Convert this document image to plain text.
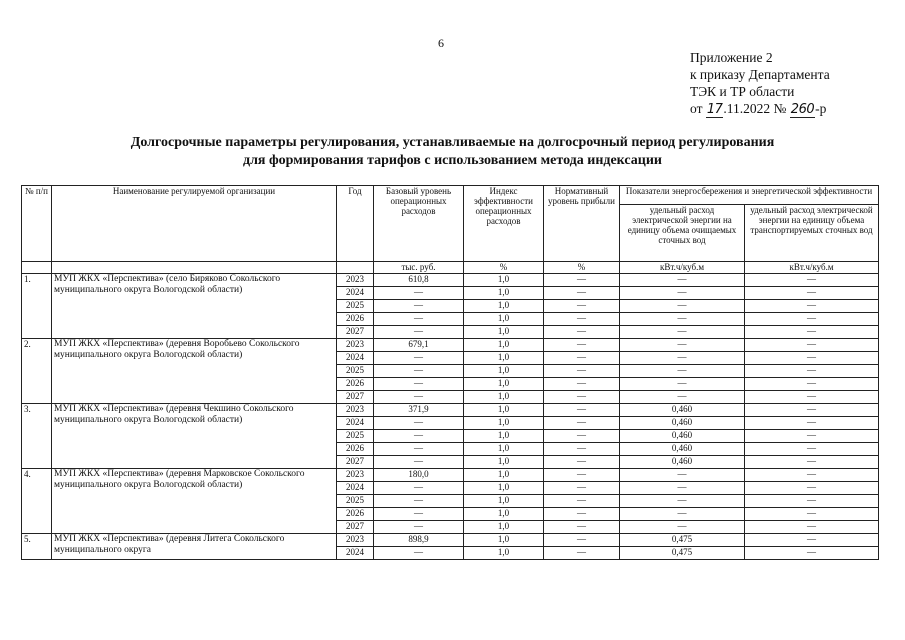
6
Приложение 2
к приказу Департамента
ТЭК и ТР области
от 17.11.2022 № 260-р
Долгосрочные параметры регулирования, устанавливаемые на долгосрочный период регулирования
для формирования тарифов с использованием метода индексации
№ п/п	Наименование регулируемой организации	Год	Базовый уровень операционных расходов	Индекс эффективности операционных расходов	Нормативный уровень прибыли	Показатели энергосбережения и энергетической эффективности	
						удельный расход электрической энергии на единицу объема очищаемых сточных вод	удельный расход электрической энергии на единицу объема транспортируемых сточных вод
			тыс. руб.	%	%	кВт.ч/куб.м	кВт.ч/куб.м
1.	МУП ЖКХ «Перспектива» (село Биряково Сокольского муниципального округа Вологодской области)	2023	610,8	1,0	—	—	—
		2024	—	1,0	—	—	—
		2025	—	1,0	—	—	—
		2026	—	1,0	—	—	—
		2027	—	1,0	—	—	—
2.	МУП ЖКХ «Перспектива» (деревня Воробьево Сокольского муниципального округа Вологодской области)	2023	679,1	1,0	—	—	—
		2024	—	1,0	—	—	—
		2025	—	1,0	—	—	—
		2026	—	1,0	—	—	—
		2027	—	1,0	—	—	—
3.	МУП ЖКХ «Перспектива» (деревня Чекшино Сокольского муниципального округа Вологодской области)	2023	371,9	1,0	—	0,460	—
		2024	—	1,0	—	0,460	—
		2025	—	1,0	—	0,460	—
		2026	—	1,0	—	0,460	—
		2027	—	1,0	—	0,460	—
4.	МУП ЖКХ «Перспектива» (деревня Марковское Сокольского муниципального округа Вологодской области)	2023	180,0	1,0	—	—	—
		2024	—	1,0	—	—	—
		2025	—	1,0	—	—	—
		2026	—	1,0	—	—	—
		2027	—	1,0	—	—	—
5.	МУП ЖКХ «Перспектива» (деревня Литега Сокольского муниципального округа	2023	898,9	1,0	—	0,475	—
		2024	—	1,0	—	0,475	—
